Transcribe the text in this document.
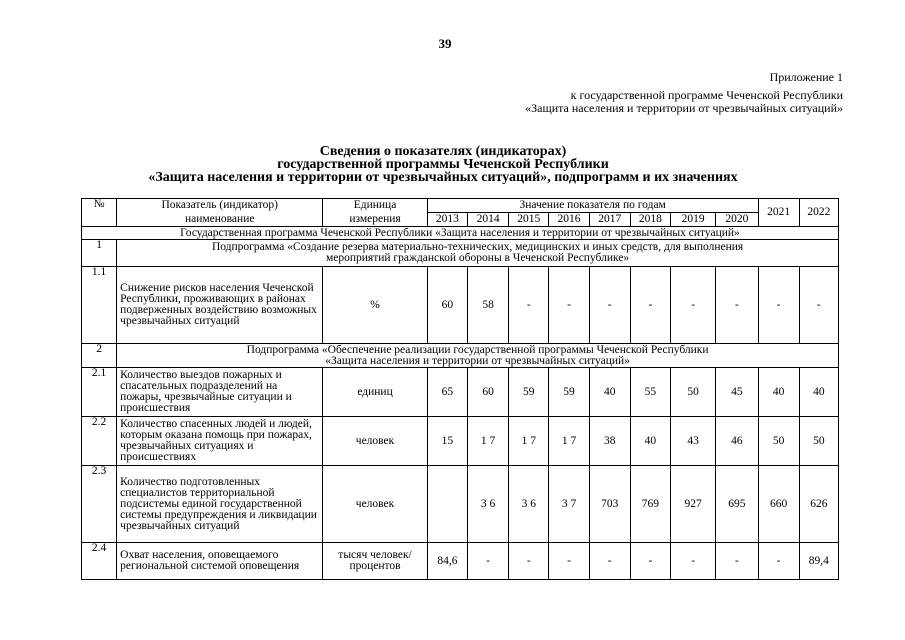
39
Приложение 1
к государственной программе Чеченской Республики
«Защита населения и территории от чрезвычайных ситуаций»
Сведения о показателях (индикаторах)
государственной программы Чеченской Республики
«Защита населения и территории от чрезвычайных ситуаций», подпрограмм и их значениях
№	Показатель (индикатор)	Единица	Значение показателя по годам								2021	2022
	наименование	измерения	2013	2014	2015	2016	2017	2018	2019	2020		
Государственная программа Чеченской Республики «Защита населения и территории от чрезвычайных ситуаций»												
1	Подпрограмма «Создание резерва материально-технических, медицинских и иных средств, для выполнения
мероприятий гражданской обороны в Чеченской Республике»											

1.1	Снижение рисков населения Чеченской Республики, проживающих в районах подверженных воздействию возможных чрезвычайных ситуаций	%	60	58	-	-	-	-	-	-	-	-
2	Подпрограмма «Обеспечение реализации государственной программы Чеченской Республики
«Защита населения и территории от чрезвычайных ситуаций»											

2.1	Количество выездов пожарных и спасательных подразделений на пожары, чрезвычайные ситуации и происшествия	единиц	65	60	59	59	40	55	50	45	40	40
2.2	Количество спасенных людей и людей, которым оказана помощь при пожарах, чрезвычайных ситуациях и происшествиях	человек	15	1 7	1 7	1 7	38	40	43	46	50	50
2.3	Количество подготовленных специалистов территориальной подсистемы единой государственной системы предупреждения и ликвидации чрезвычайных ситуаций	человек		3 6	3 6	3 7	703	769	927	695	660	626
2.4	Охват населения, оповещаемого региональной системой оповещения	тысяч человек/
процентов	84,6	-	-	-	-	-	-	-	-	89,4
